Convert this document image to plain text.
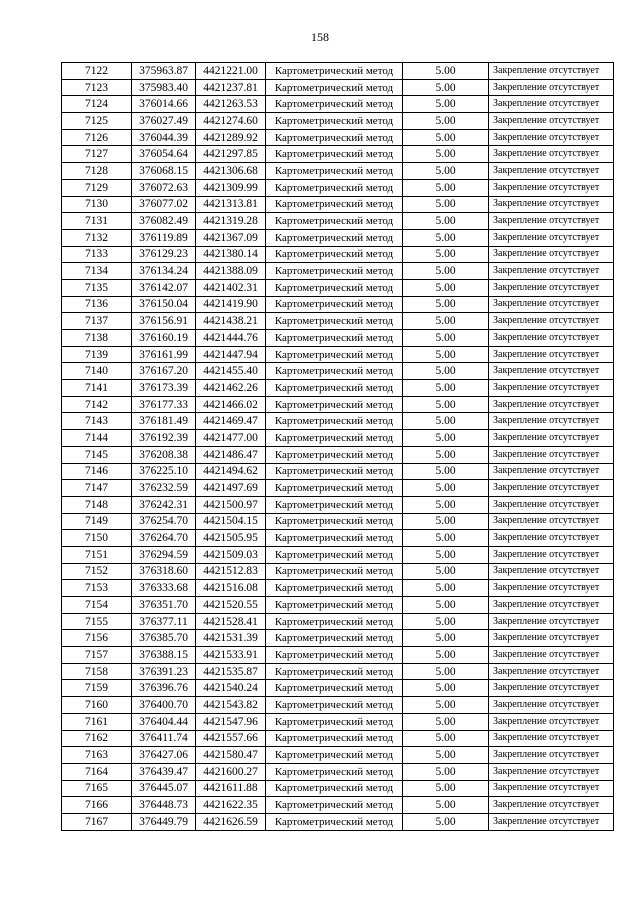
158
7122	375963.87	4421221.00	Картометрический метод	5.00	Закрепление отсутствует
7123	375983.40	4421237.81	Картометрический метод	5.00	Закрепление отсутствует
7124	376014.66	4421263.53	Картометрический метод	5.00	Закрепление отсутствует
7125	376027.49	4421274.60	Картометрический метод	5.00	Закрепление отсутствует
7126	376044.39	4421289.92	Картометрический метод	5.00	Закрепление отсутствует
7127	376054.64	4421297.85	Картометрический метод	5.00	Закрепление отсутствует
7128	376068.15	4421306.68	Картометрический метод	5.00	Закрепление отсутствует
7129	376072.63	4421309.99	Картометрический метод	5.00	Закрепление отсутствует
7130	376077.02	4421313.81	Картометрический метод	5.00	Закрепление отсутствует
7131	376082.49	4421319.28	Картометрический метод	5.00	Закрепление отсутствует
7132	376119.89	4421367.09	Картометрический метод	5.00	Закрепление отсутствует
7133	376129.23	4421380.14	Картометрический метод	5.00	Закрепление отсутствует
7134	376134.24	4421388.09	Картометрический метод	5.00	Закрепление отсутствует
7135	376142.07	4421402.31	Картометрический метод	5.00	Закрепление отсутствует
7136	376150.04	4421419.90	Картометрический метод	5.00	Закрепление отсутствует
7137	376156.91	4421438.21	Картометрический метод	5.00	Закрепление отсутствует
7138	376160.19	4421444.76	Картометрический метод	5.00	Закрепление отсутствует
7139	376161.99	4421447.94	Картометрический метод	5.00	Закрепление отсутствует
7140	376167.20	4421455.40	Картометрический метод	5.00	Закрепление отсутствует
7141	376173.39	4421462.26	Картометрический метод	5.00	Закрепление отсутствует
7142	376177.33	4421466.02	Картометрический метод	5.00	Закрепление отсутствует
7143	376181.49	4421469.47	Картометрический метод	5.00	Закрепление отсутствует
7144	376192.39	4421477.00	Картометрический метод	5.00	Закрепление отсутствует
7145	376208.38	4421486.47	Картометрический метод	5.00	Закрепление отсутствует
7146	376225.10	4421494.62	Картометрический метод	5.00	Закрепление отсутствует
7147	376232.59	4421497.69	Картометрический метод	5.00	Закрепление отсутствует
7148	376242.31	4421500.97	Картометрический метод	5.00	Закрепление отсутствует
7149	376254.70	4421504.15	Картометрический метод	5.00	Закрепление отсутствует
7150	376264.70	4421505.95	Картометрический метод	5.00	Закрепление отсутствует
7151	376294.59	4421509.03	Картометрический метод	5.00	Закрепление отсутствует
7152	376318.60	4421512.83	Картометрический метод	5.00	Закрепление отсутствует
7153	376333.68	4421516.08	Картометрический метод	5.00	Закрепление отсутствует
7154	376351.70	4421520.55	Картометрический метод	5.00	Закрепление отсутствует
7155	376377.11	4421528.41	Картометрический метод	5.00	Закрепление отсутствует
7156	376385.70	4421531.39	Картометрический метод	5.00	Закрепление отсутствует
7157	376388.15	4421533.91	Картометрический метод	5.00	Закрепление отсутствует
7158	376391.23	4421535.87	Картометрический метод	5.00	Закрепление отсутствует
7159	376396.76	4421540.24	Картометрический метод	5.00	Закрепление отсутствует
7160	376400.70	4421543.82	Картометрический метод	5.00	Закрепление отсутствует
7161	376404.44	4421547.96	Картометрический метод	5.00	Закрепление отсутствует
7162	376411.74	4421557.66	Картометрический метод	5.00	Закрепление отсутствует
7163	376427.06	4421580.47	Картометрический метод	5.00	Закрепление отсутствует
7164	376439.47	4421600.27	Картометрический метод	5.00	Закрепление отсутствует
7165	376445.07	4421611.88	Картометрический метод	5.00	Закрепление отсутствует
7166	376448.73	4421622.35	Картометрический метод	5.00	Закрепление отсутствует
7167	376449.79	4421626.59	Картометрический метод	5.00	Закрепление отсутствует
